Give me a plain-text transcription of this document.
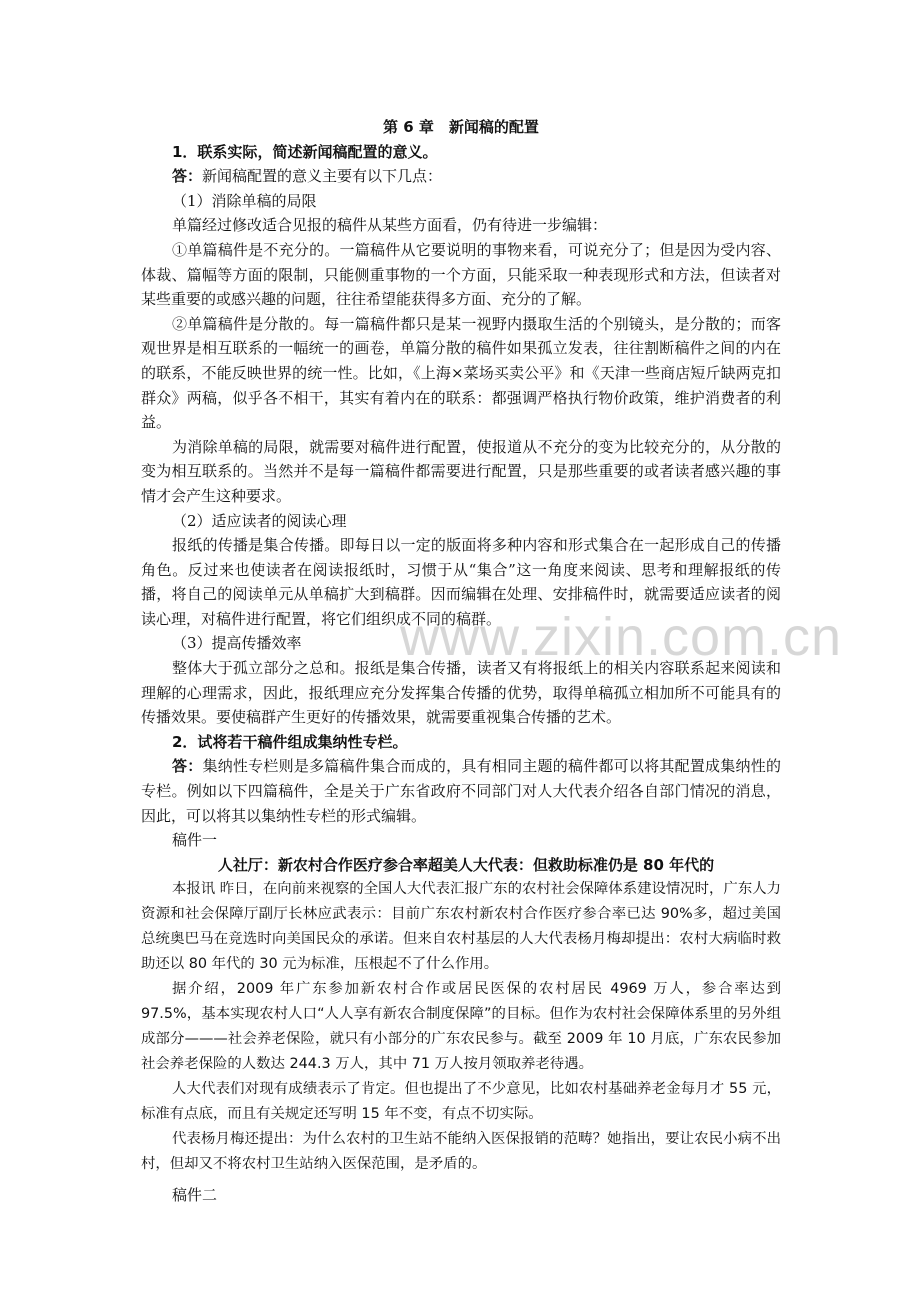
www.zixin.com.cn

第 6 章　新闻稿的配置

1．联系实际，简述新闻稿配置的意义。

答：新闻稿配置的意义主要有以下几点：

（1）消除单稿的局限

单篇经过修改适合见报的稿件从某些方面看，仍有待进一步编辑：

①单篇稿件是不充分的。一篇稿件从它要说明的事物来看，可说充分了；但是因为受内容、体裁、篇幅等方面的限制，只能侧重事物的一个方面，只能采取一种表现形式和方法，但读者对某些重要的或感兴趣的问题，往往希望能获得多方面、充分的了解。

②单篇稿件是分散的。每一篇稿件都只是某一视野内摄取生活的个别镜头，是分散的；而客观世界是相互联系的一幅统一的画卷，单篇分散的稿件如果孤立发表，往往割断稿件之间的内在的联系，不能反映世界的统一性。比如，《上海×菜场买卖公平》和《天津一些商店短斤缺两克扣群众》两稿，似乎各不相干，其实有着内在的联系：都强调严格执行物价政策，维护消费者的利益。

为消除单稿的局限，就需要对稿件进行配置，使报道从不充分的变为比较充分的，从分散的变为相互联系的。当然并不是每一篇稿件都需要进行配置，只是那些重要的或者读者感兴趣的事情才会产生这种要求。

（2）适应读者的阅读心理

报纸的传播是集合传播。即每日以一定的版面将多种内容和形式集合在一起形成自己的传播角色。反过来也使读者在阅读报纸时，习惯于从“集合”这一角度来阅读、思考和理解报纸的传播，将自己的阅读单元从单稿扩大到稿群。因而编辑在处理、安排稿件时，就需要适应读者的阅读心理，对稿件进行配置，将它们组织成不同的稿群。

（3）提高传播效率

整体大于孤立部分之总和。报纸是集合传播，读者又有将报纸上的相关内容联系起来阅读和理解的心理需求，因此，报纸理应充分发挥集合传播的优势，取得单稿孤立相加所不可能具有的传播效果。要使稿群产生更好的传播效果，就需要重视集合传播的艺术。

2．试将若干稿件组成集纳性专栏。

答：集纳性专栏则是多篇稿件集合而成的，具有相同主题的稿件都可以将其配置成集纳性的专栏。例如以下四篇稿件，全是关于广东省政府不同部门对人大代表介绍各自部门情况的消息，因此，可以将其以集纳性专栏的形式编辑。

稿件一

人社厅：新农村合作医疗参合率超美人大代表：但救助标准仍是 80 年代的

本报讯 昨日，在向前来视察的全国人大代表汇报广东的农村社会保障体系建设情况时，广东人力资源和社会保障厅副厅长林应武表示：目前广东农村新农村合作医疗参合率已达 90%多，超过美国总统奥巴马在竞选时向美国民众的承诺。但来自农村基层的人大代表杨月梅却提出：农村大病临时救助还以 80 年代的 30 元为标准，压根起不了什么作用。

据介绍，2009 年广东参加新农村合作或居民医保的农村居民 4969 万人，参合率达到 97.5%，基本实现农村人口“人人享有新农合制度保障”的目标。但作为农村社会保障体系里的另外组成部分———社会养老保险，就只有小部分的广东农民参与。截至 2009 年 10 月底，广东农民参加社会养老保险的人数达 244.3 万人，其中 71 万人按月领取养老待遇。

人大代表们对现有成绩表示了肯定。但也提出了不少意见，比如农村基础养老金每月才 55 元，标准有点底，而且有关规定还写明 15 年不变，有点不切实际。

代表杨月梅还提出：为什么农村的卫生站不能纳入医保报销的范畴？她指出，要让农民小病不出村，但却又不将农村卫生站纳入医保范围，是矛盾的。

稿件二
